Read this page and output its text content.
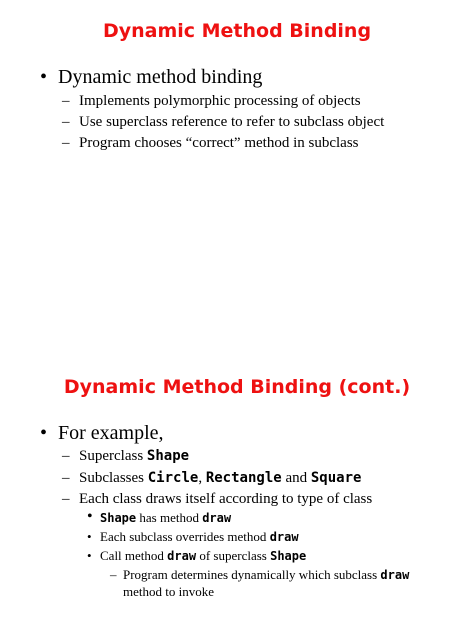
Dynamic Method Binding
• Dynamic method binding
– Implements polymorphic processing of objects
– Use superclass reference to refer to subclass object
– Program chooses “correct” method in subclass
Dynamic Method Binding (cont.)
• For example,
– Superclass Shape
– Subclasses Circle, Rectangle and Square
– Each class draws itself according to type of class
• Shape has method draw
• Each subclass overrides method draw
• Call method draw of superclass Shape
– Program determines dynamically which subclass draw
method to invoke
